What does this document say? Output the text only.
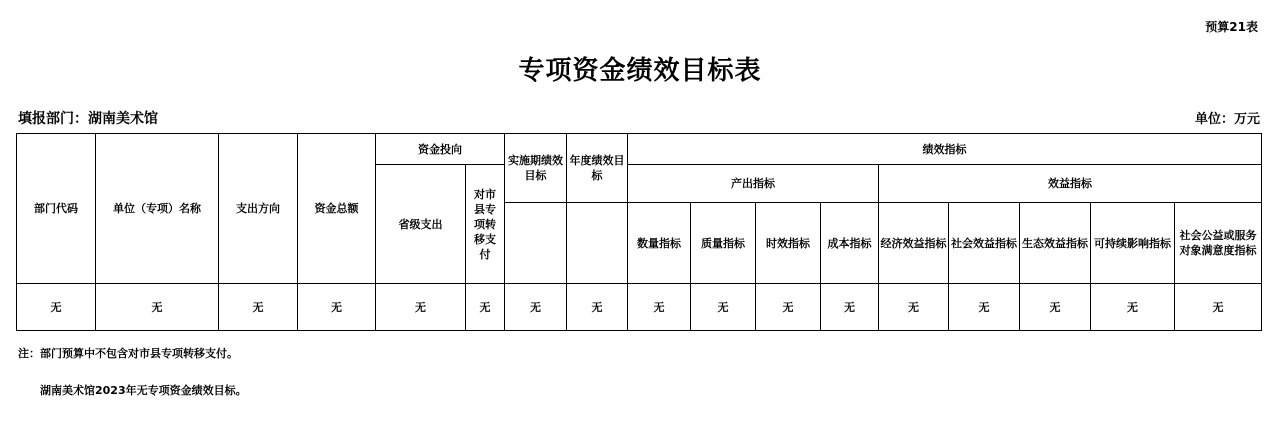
预算21表
专项资金绩效目标表
填报部门：湖南美术馆	单位：万元
部门代码	单位（专项）名称	支出方向	资金总额	资金投向		实施期绩效目标	年度绩效目标	绩效指标								
				省级支出	对市县专项转移支付			产出指标				效益指标				
								数量指标	质量指标	时效指标	成本指标	经济效益指标	社会效益指标	生态效益指标	可持续影响指标	社会公益或服务对象满意度指标
无	无	无	无	无	无	无	无	无	无	无	无	无	无	无	无	无
注：部门预算中不包含对市县专项转移支付。
湖南美术馆2023年无专项资金绩效目标。
